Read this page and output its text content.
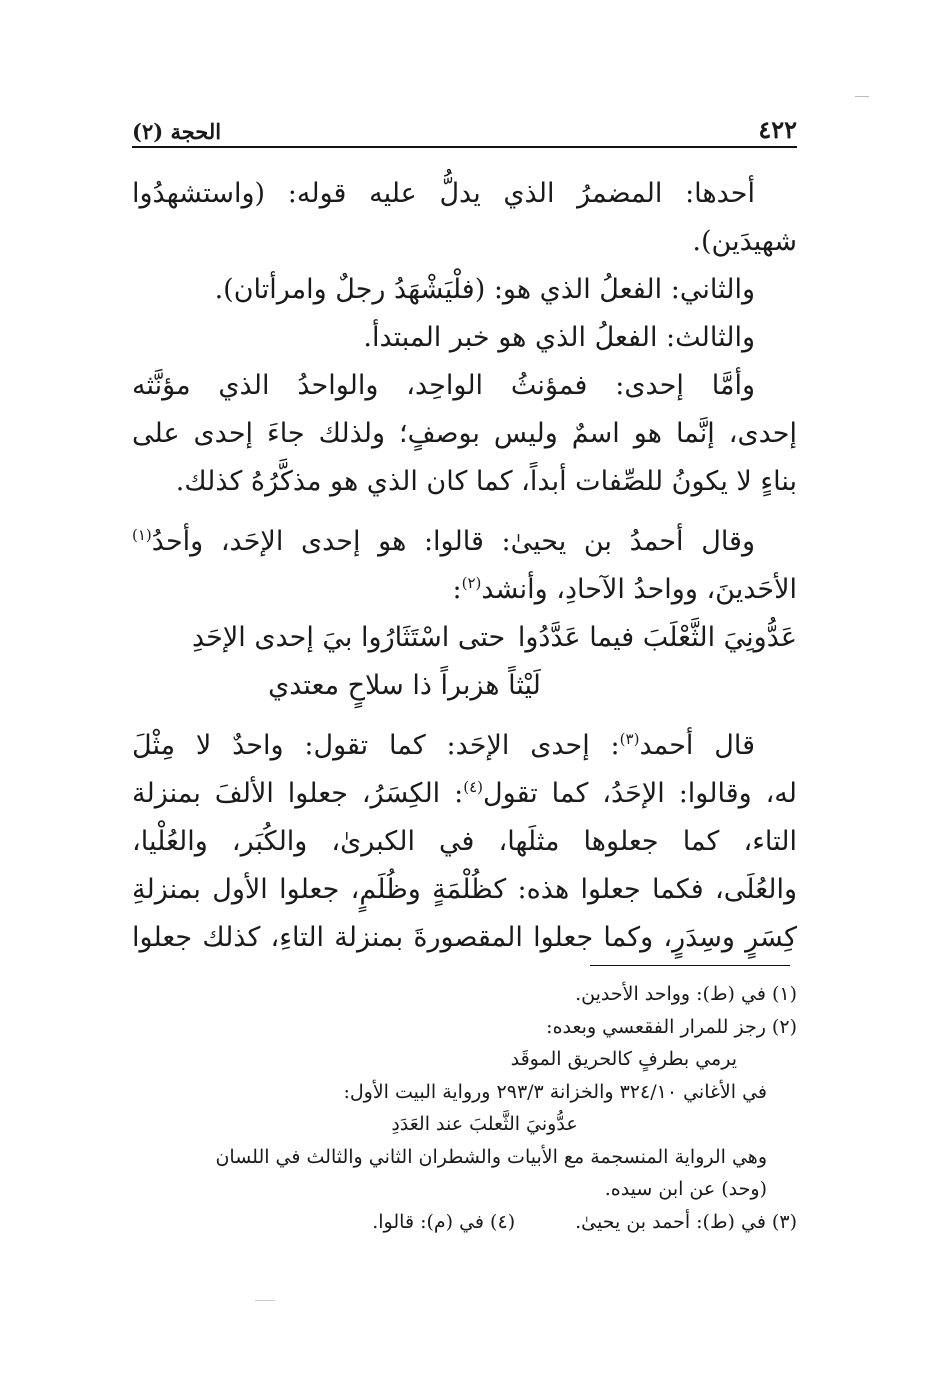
٤٢٢
الحجة (٢)

أحدها: المضمرُ الذي يدلُّ عليه قوله: (واستشهدُوا

شهيدَين).

والثاني: الفعلُ الذي هو: (فلْيَشْهَدُ رجلٌ وامرأتان).

والثالث: الفعلُ الذي هو خبر المبتدأ.

وأمَّا إحدى: فمؤنثُ الواحِد، والواحدُ الذي مؤنَّثه

إحدى، إنَّما هو اسمٌ وليس بوصفٍ؛ ولذلك جاءَ إحدى على

بناءٍ لا يكونُ للصِّفات أبداً، كما كان الذي هو مذكَّرُهُ كذلك.

وقال أحمدُ بن يحيىٰ: قالوا: هو إحدى الإحَد، وأحدُ$^{(١)}$

الأحَدينَ، وواحدُ الآحادِ، وأنشد$^{(٢)}$:

عَدُّونِيَ الثَّعْلَبَ فيما عَدَّدُوا
حتى اسْتَثَارُوا بيَ إحدى الإحَدِ

لَيْثاً هزبراً ذا سلاحٍ معتدي

قال أحمد$^{(٣)}$: إحدى الإحَد: كما تقول: واحدٌ لا مِثْلَ

له، وقالوا: الإحَدُ، كما تقول$^{(٤)}$: الكِسَرُ، جعلوا الألفَ بمنزلة

التاء، كما جعلوها مثلَها، في الكبرىٰ، والكُبَر، والعُلْيا،

والعُلَى، فكما جعلوا هذه: كظُلْمَةٍ وظُلَمٍ، جعلوا الأول بمنزلةِ

كِسَرٍ وسِدَرٍ، وكما جعلوا المقصورةَ بمنزلة التاءِ، كذلك جعلوا

(١) في (ط): وواحد الأحدين.

(٢) رجز للمرار الفقعسي وبعده:

يرمي بطرفٍ كالحريق الموقَد

في الأغاني ٣٢٤/١٠ والخزانة ٢٩٣/٣ ورواية البيت الأول:

عدُّونيَ الثَّعلبَ عند العَدَدِ

وهي الرواية المنسجمة مع الأبيات والشطران الثاني والثالث في اللسان

(وحد) عن ابن سيده.

(٣) في (ط): أحمد بن يحيىٰ.
(٤) في (م): قالوا.
